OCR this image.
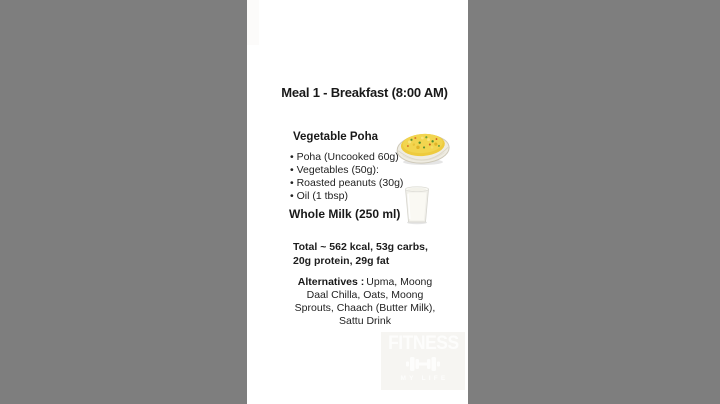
Meal 1 - Breakfast (8:00 AM)
Vegetable Poha
• Poha (Uncooked 60g)
• Vegetables (50g):
• Roasted peanuts (30g)
• Oil (1 tbsp)
Whole Milk (250 ml)
Total ~ 562 kcal, 53g carbs, 20g protein, 29g fat

Alternatives : Upma, Moong Daal Chilla, Oats, Moong Sprouts, Chaach (Butter Milk), Sattu Drink

FITNESS
MY LIFE
